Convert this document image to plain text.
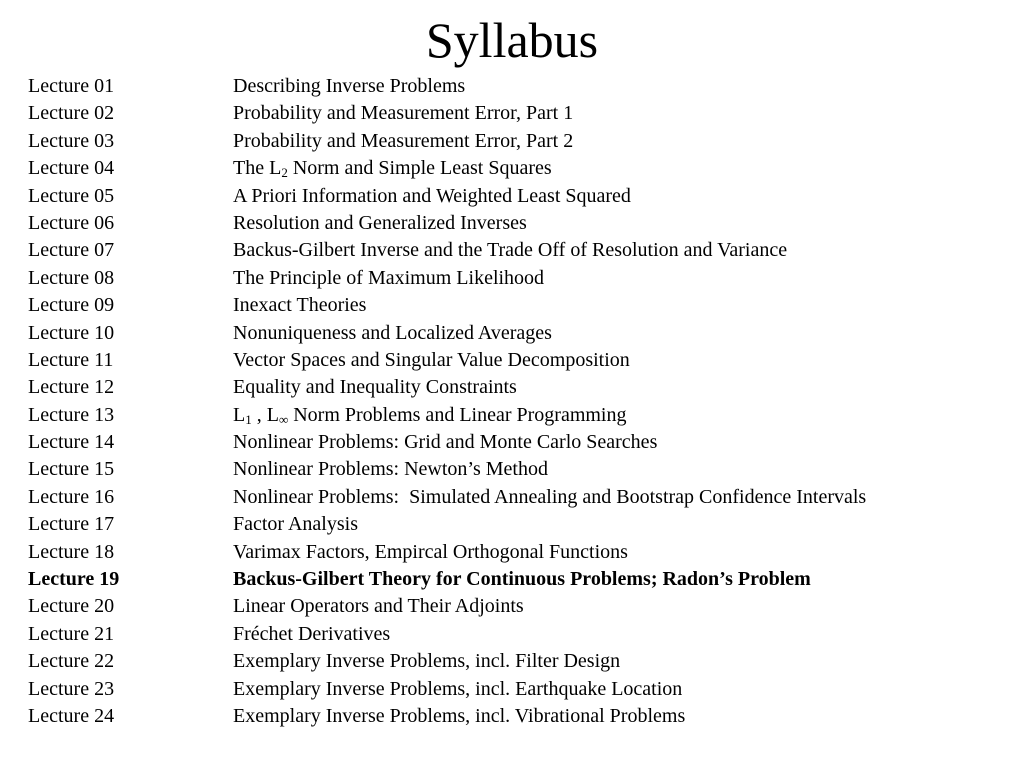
Syllabus
Lecture 01	Describing Inverse Problems
Lecture 02	Probability and Measurement Error, Part 1
Lecture 03	Probability and Measurement Error, Part 2
Lecture 04	The $L_2$ Norm and Simple Least Squares
Lecture 05	A Priori Information and Weighted Least Squared
Lecture 06	Resolution and Generalized Inverses
Lecture 07	Backus-Gilbert Inverse and the Trade Off of Resolution and Variance
Lecture 08	The Principle of Maximum Likelihood
Lecture 09	Inexact Theories
Lecture 10	Nonuniqueness and Localized Averages
Lecture 11	Vector Spaces and Singular Value Decomposition
Lecture 12	Equality and Inequality Constraints
Lecture 13	$L_1$ , $L_\infty$ Norm Problems and Linear Programming
Lecture 14	Nonlinear Problems: Grid and Monte Carlo Searches
Lecture 15	Nonlinear Problems: Newton’s Method
Lecture 16	Nonlinear Problems:  Simulated Annealing and Bootstrap Confidence Intervals
Lecture 17	Factor Analysis
Lecture 18	Varimax Factors, Empircal Orthogonal Functions
Lecture 19	Backus-Gilbert Theory for Continuous Problems; Radon’s Problem
Lecture 20	Linear Operators and Their Adjoints
Lecture 21	Fréchet Derivatives
Lecture 22	Exemplary Inverse Problems, incl. Filter Design
Lecture 23	Exemplary Inverse Problems, incl. Earthquake Location
Lecture 24	Exemplary Inverse Problems, incl. Vibrational Problems
